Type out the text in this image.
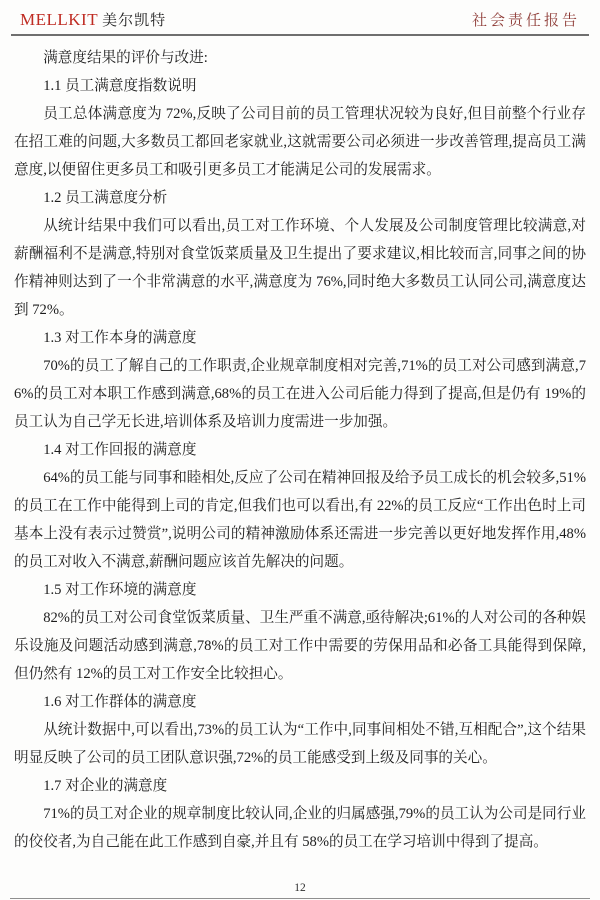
MELLKIT 美尔凯特	社会责任报告

满意度结果的评价与改进:

1.1 员工满意度指数说明

员工总体满意度为 72%,反映了公司目前的员工管理状况较为良好,但目前整个行业存在招工难的问题,大多数员工都回老家就业,这就需要公司必须进一步改善管理,提高员工满意度,以便留住更多员工和吸引更多员工才能满足公司的发展需求。

1.2 员工满意度分析

从统计结果中我们可以看出,员工对工作环境、个人发展及公司制度管理比较满意,对薪酬福利不是满意,特别对食堂饭菜质量及卫生提出了要求建议,相比较而言,同事之间的协作精神则达到了一个非常满意的水平,满意度为 76%,同时绝大多数员工认同公司,满意度达到 72%。

1.3 对工作本身的满意度

70%的员工了解自己的工作职责,企业规章制度相对完善,71%的员工对公司感到满意,76%的员工对本职工作感到满意,68%的员工在进入公司后能力得到了提高,但是仍有 19%的员工认为自己学无长进,培训体系及培训力度需进一步加强。

1.4 对工作回报的满意度

64%的员工能与同事和睦相处,反应了公司在精神回报及给予员工成长的机会较多,51%的员工在工作中能得到上司的肯定,但我们也可以看出,有 22%的员工反应“工作出色时上司基本上没有表示过赞赏”,说明公司的精神激励体系还需进一步完善以更好地发挥作用,48%的员工对收入不满意,薪酬问题应该首先解决的问题。

1.5 对工作环境的满意度

82%的员工对公司食堂饭菜质量、卫生严重不满意,亟待解决;61%的人对公司的各种娱乐设施及问题活动感到满意,78%的员工对工作中需要的劳保用品和必备工具能得到保障,但仍然有 12%的员工对工作安全比较担心。

1.6 对工作群体的满意度

从统计数据中,可以看出,73%的员工认为“工作中,同事间相处不错,互相配合”,这个结果明显反映了公司的员工团队意识强,72%的员工能感受到上级及同事的关心。

1.7 对企业的满意度

71%的员工对企业的规章制度比较认同,企业的归属感强,79%的员工认为公司是同行业的佼佼者,为自己能在此工作感到自豪,并且有 58%的员工在学习培训中得到了提高。

12
